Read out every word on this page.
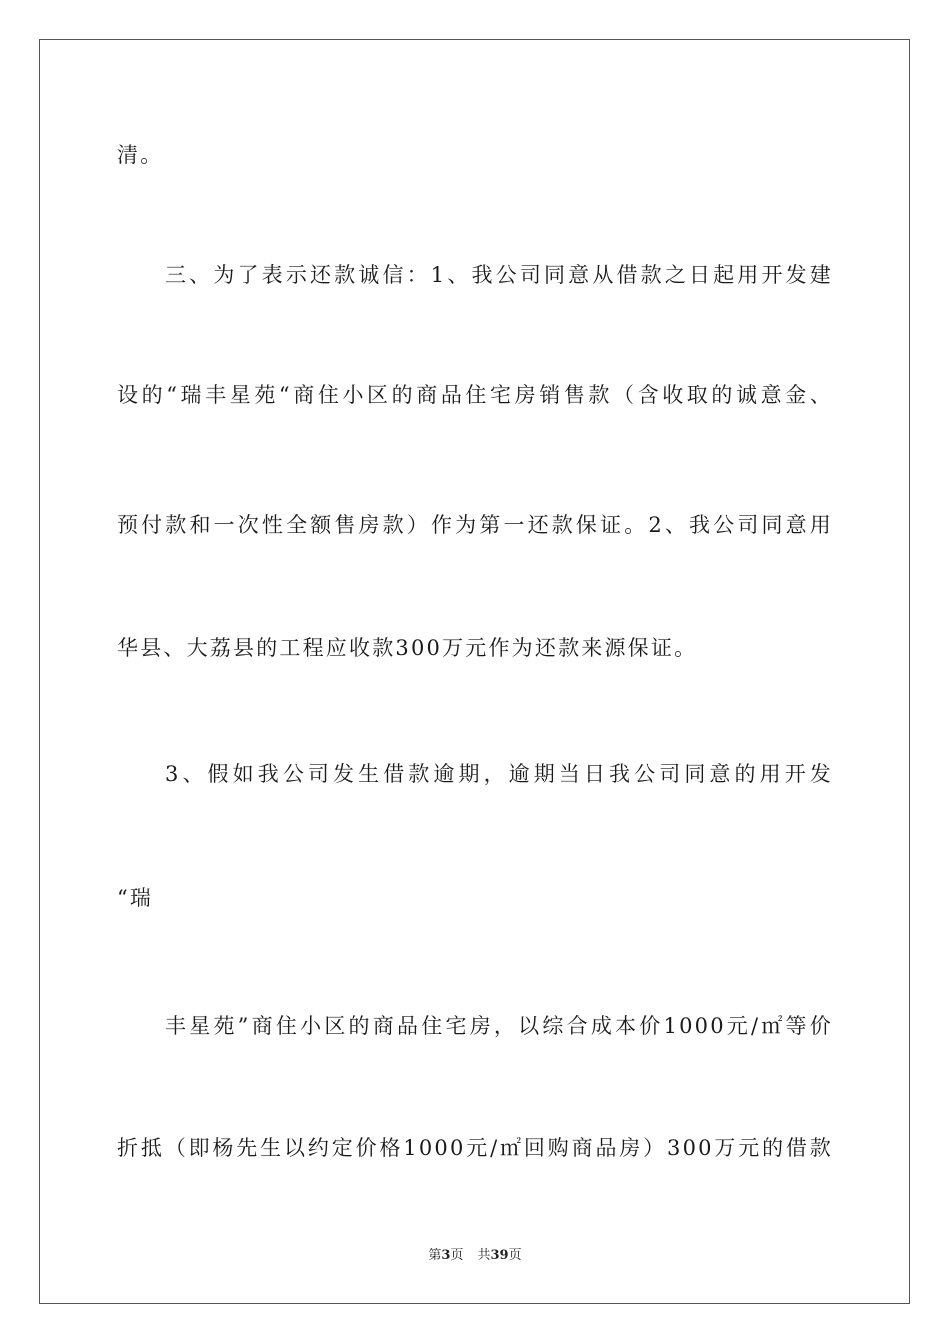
清。
三、为了表示还款诚信：1、我公司同意从借款之日起用开发建
设的“瑞丰星苑“商住小区的商品住宅房销售款（含收取的诚意金、
预付款和一次性全额售房款）作为第一还款保证。2、我公司同意用
华县、大荔县的工程应收款300万元作为还款来源保证。
3、假如我公司发生借款逾期，逾期当日我公司同意的用开发
“瑞
丰星苑”商住小区的商品住宅房，以综合成本价1000元/㎡等价
折抵（即杨先生以约定价格1000元/㎡回购商品房）300万元的借款
第3页 共39页
